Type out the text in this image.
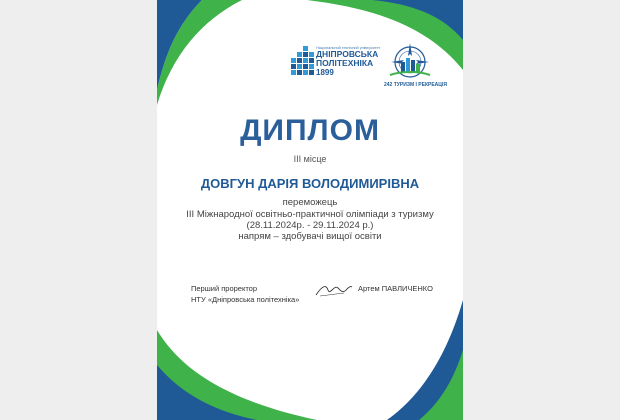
Національний технічний університет
ДНІПРОВСЬКА
ПОЛІТЕХНІКА
1899
242 ТУРИЗМ І РЕКРЕАЦІЯ
ДИПЛОМ
ІІІ місце
ДОВГУН ДАРІЯ ВОЛОДИМИРІВНА
переможець
ІІІ Міжнародної освітньо-практичної олімпіади з туризму
(28.11.2024р. - 29.11.2024 р.)
напрям – здобувачі вищої освіти
Перший проректор
НТУ «Дніпровська політехніка»
Артем ПАВЛИЧЕНКО
